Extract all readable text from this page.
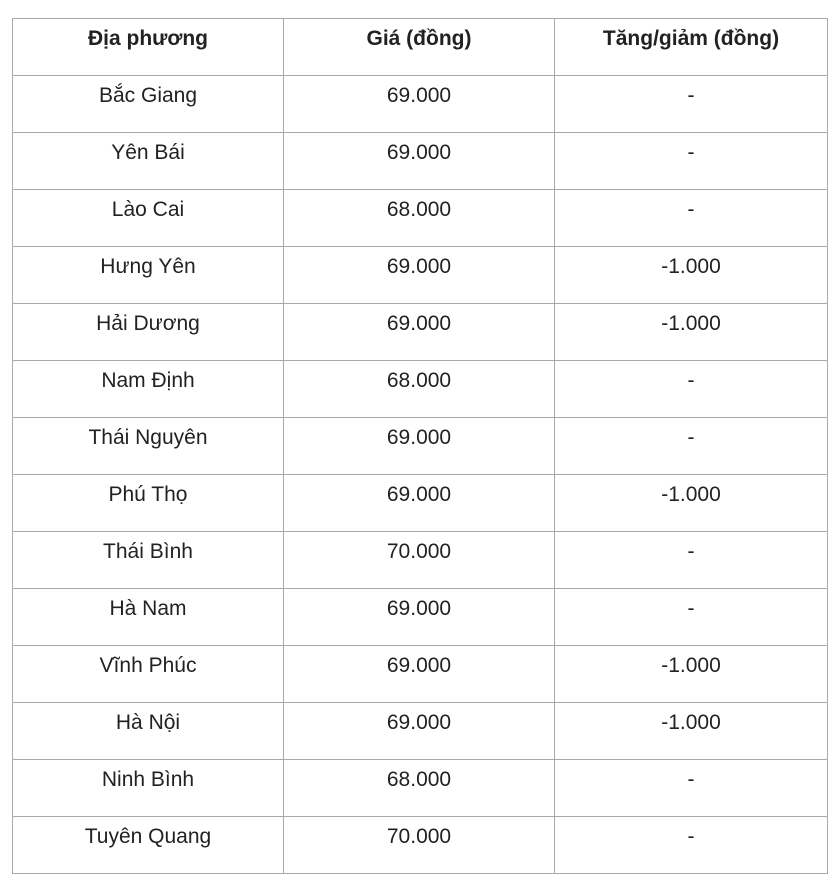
Địa phương	Giá (đồng)	Tăng/giảm (đồng)
Bắc Giang	69.000	-
Yên Bái	69.000	-
Lào Cai	68.000	-
Hưng Yên	69.000	-1.000
Hải Dương	69.000	-1.000
Nam Định	68.000	-
Thái Nguyên	69.000	-
Phú Thọ	69.000	-1.000
Thái Bình	70.000	-
Hà Nam	69.000	-
Vĩnh Phúc	69.000	-1.000
Hà Nội	69.000	-1.000
Ninh Bình	68.000	-
Tuyên Quang	70.000	-
